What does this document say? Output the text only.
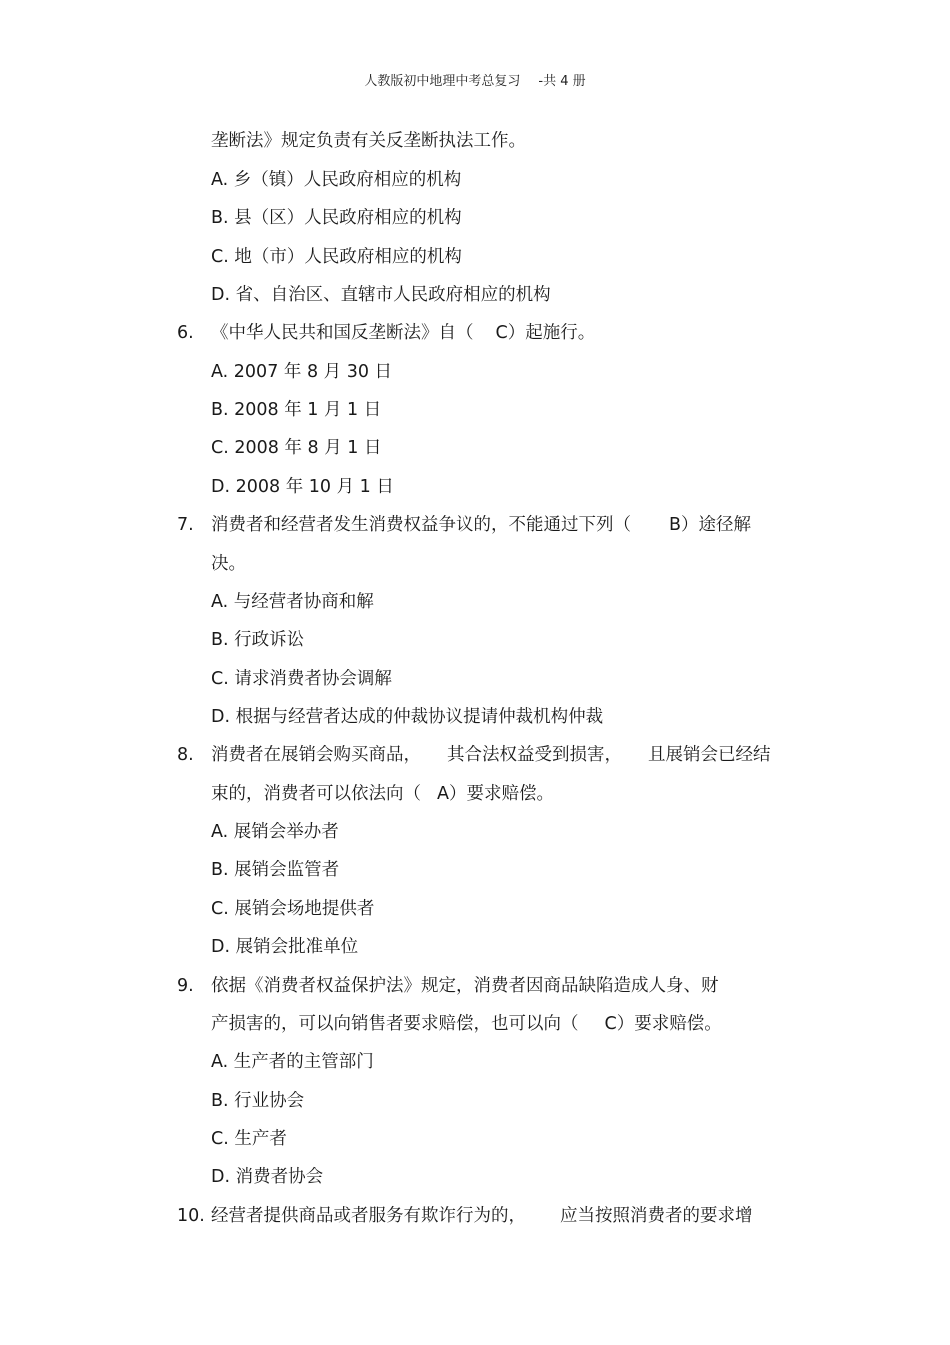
人教版初中地理中考总复习 -共 4 册
垄断法》规定负责有关反垄断执法工作。
A. 乡（镇）人民政府相应的机构
B. 县（区）人民政府相应的机构
C. 地（市）人民政府相应的机构
D. 省、自治区、直辖市人民政府相应的机构
6. 《中华人民共和国反垄断法》自（ C）起施行。
A. 2007 年 8 月 30 日
B. 2008 年 1 月 1 日
C. 2008 年 8 月 1 日
D. 2008 年 10 月 1 日
7. 消费者和经营者发生消费权益争议的，不能通过下列（ B）途径解
决。
A. 与经营者协商和解
B. 行政诉讼
C. 请求消费者协会调解
D. 根据与经营者达成的仲裁协议提请仲裁机构仲裁
8. 消费者在展销会购买商品， 其合法权益受到损害， 且展销会已经结
束的，消费者可以依法向（ A）要求赔偿。
A. 展销会举办者
B. 展销会监管者
C. 展销会场地提供者
D. 展销会批准单位
9. 依据《消费者权益保护法》规定，消费者因商品缺陷造成人身、财
产损害的，可以向销售者要求赔偿，也可以向（ C）要求赔偿。
A. 生产者的主管部门
B. 行业协会
C. 生产者
D. 消费者协会
10. 经营者提供商品或者服务有欺诈行为的， 应当按照消费者的要求增
